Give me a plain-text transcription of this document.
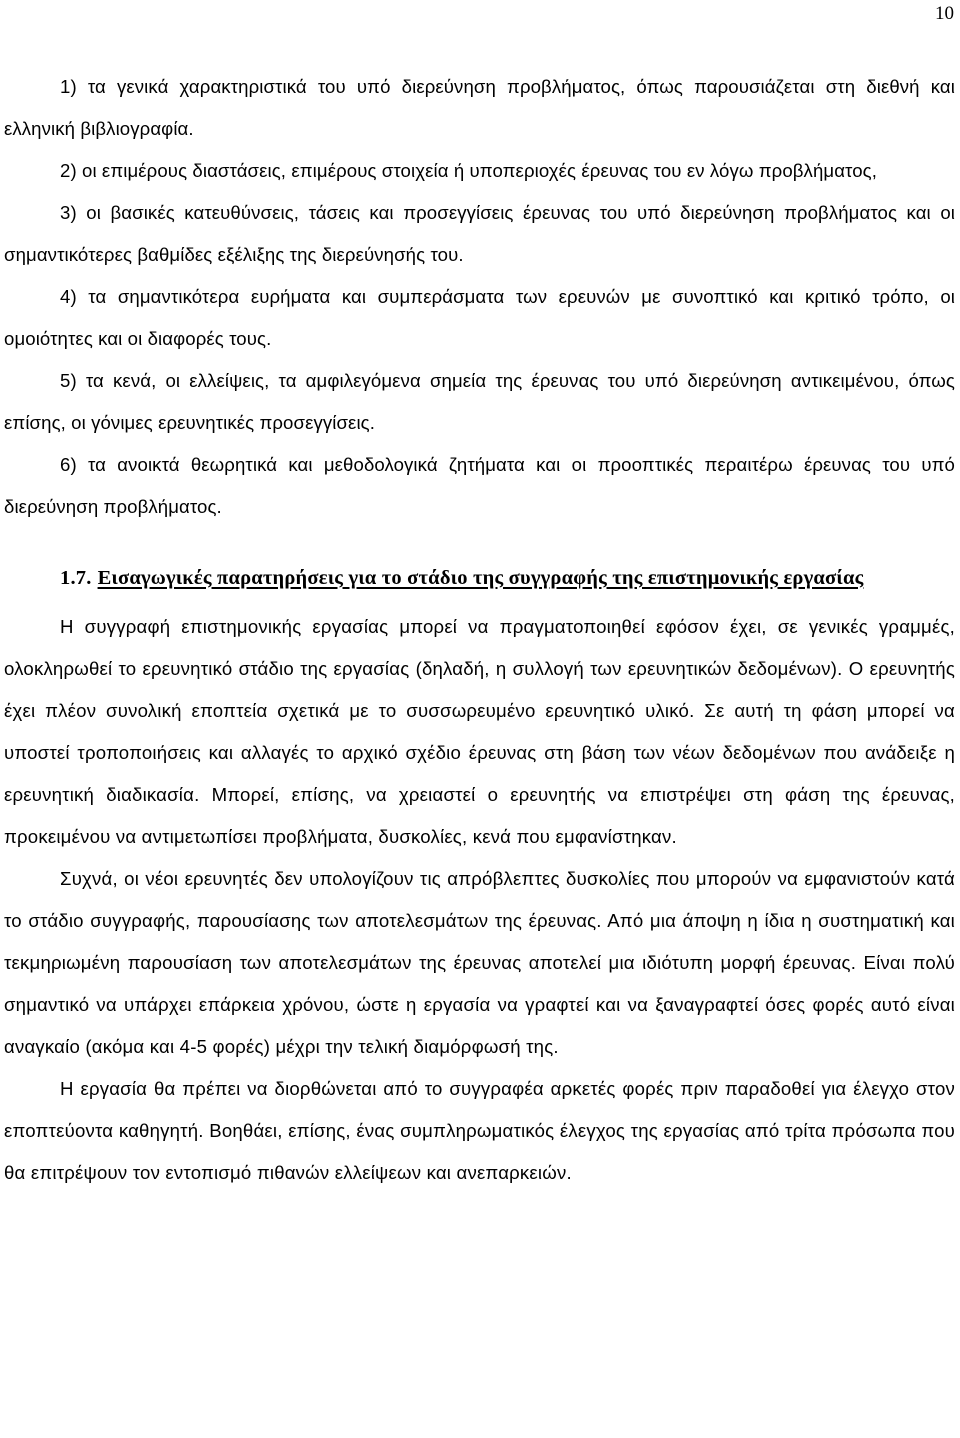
10

1) τα γενικά χαρακτηριστικά του υπό διερεύνηση προβλήματος, όπως παρουσιάζεται στη διεθνή και ελληνική βιβλιογραφία.

2) οι επιμέρους διαστάσεις, επιμέρους στοιχεία ή υποπεριοχές έρευνας του εν λόγω προβλήματος,

3) οι βασικές κατευθύνσεις, τάσεις και προσεγγίσεις έρευνας του υπό διερεύνηση προβλήματος και οι σημαντικότερες βαθμίδες εξέλιξης της διερεύνησής του.

4) τα σημαντικότερα ευρήματα και συμπεράσματα των ερευνών με συνοπτικό και κριτικό τρόπο, οι ομοιότητες και οι διαφορές τους.

5) τα κενά, οι ελλείψεις, τα αμφιλεγόμενα σημεία της έρευνας του υπό διερεύνηση αντικειμένου, όπως επίσης, οι γόνιμες ερευνητικές προσεγγίσεις.

6) τα ανοικτά θεωρητικά και μεθοδολογικά ζητήματα και οι προοπτικές περαιτέρω έρευνας του υπό διερεύνηση προβλήματος.

1.7. Εισαγωγικές παρατηρήσεις για το στάδιο της συγγραφής της επιστημονικής εργασίας

Η συγγραφή επιστημονικής εργασίας μπορεί να πραγματοποιηθεί εφόσον έχει, σε γενικές γραμμές, ολοκληρωθεί το ερευνητικό στάδιο της εργασίας (δηλαδή, η συλλογή των ερευνητικών δεδομένων). Ο ερευνητής έχει πλέον συνολική εποπτεία σχετικά με το συσσωρευμένο ερευνητικό υλικό. Σε αυτή τη φάση μπορεί να υποστεί τροποποιήσεις και αλλαγές το αρχικό σχέδιο έρευνας στη βάση των νέων δεδομένων που ανάδειξε η ερευνητική διαδικασία. Μπορεί, επίσης, να χρειαστεί ο ερευνητής να επιστρέψει στη φάση της έρευνας, προκειμένου να αντιμετωπίσει προβλήματα, δυσκολίες, κενά που εμφανίστηκαν.

Συχνά, οι νέοι ερευνητές δεν υπολογίζουν τις απρόβλεπτες δυσκολίες που μπορούν να εμφανιστούν κατά το στάδιο συγγραφής, παρουσίασης των αποτελεσμάτων της έρευνας. Από μια άποψη η ίδια η συστηματική και τεκμηριωμένη παρουσίαση των αποτελεσμάτων της έρευνας αποτελεί μια ιδιότυπη μορφή έρευνας. Είναι πολύ σημαντικό να υπάρχει επάρκεια χρόνου, ώστε η εργασία να γραφτεί και να ξαναγραφτεί όσες φορές αυτό είναι αναγκαίο (ακόμα και 4-5 φορές) μέχρι την τελική διαμόρφωσή της.

Η εργασία θα πρέπει να διορθώνεται από το συγγραφέα αρκετές φορές πριν παραδοθεί για έλεγχο στον εποπτεύοντα καθηγητή. Βοηθάει, επίσης, ένας συμπληρωματικός έλεγχος της εργασίας από τρίτα πρόσωπα που θα επιτρέψουν τον εντοπισμό πιθανών ελλείψεων και ανεπαρκειών.
